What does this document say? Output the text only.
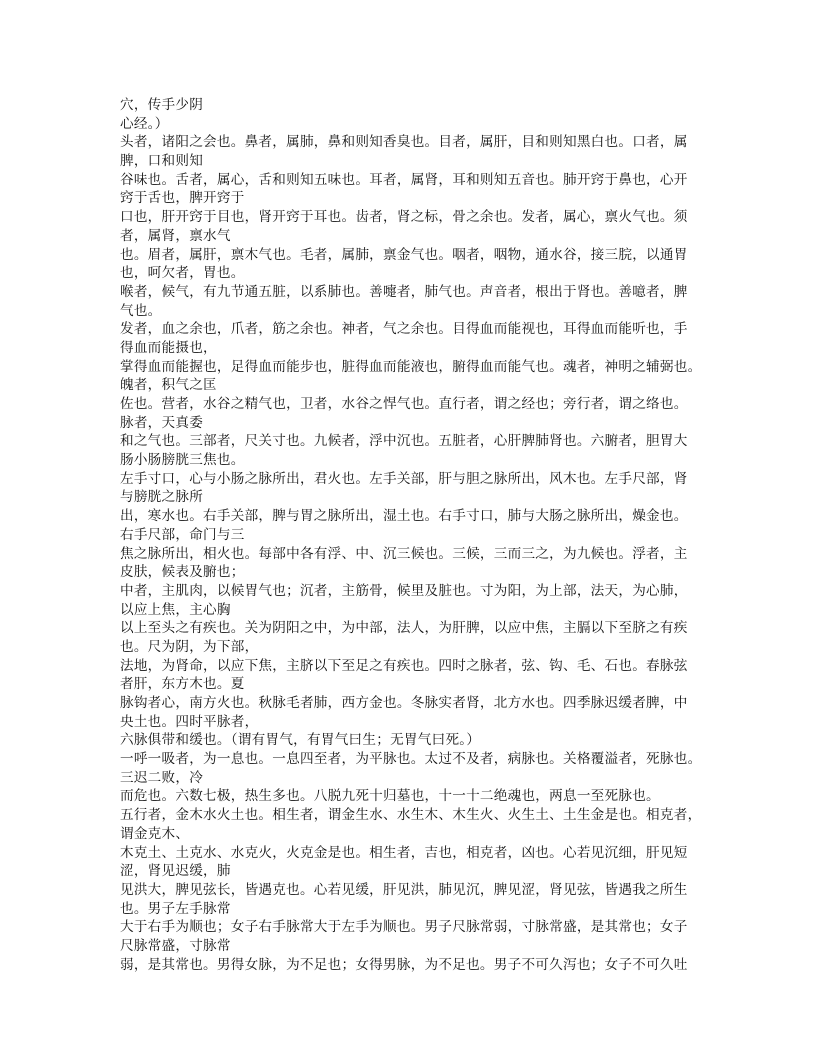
穴，传手少阴
心经。）
头者，诸阳之会也。鼻者，属肺，鼻和则知香臭也。目者，属肝，目和则知黑白也。口者，属
脾，口和则知
谷味也。舌者，属心，舌和则知五味也。耳者，属肾，耳和则知五音也。肺开窍于鼻也，心开
窍于舌也，脾开窍于
口也，肝开窍于目也，肾开窍于耳也。齿者，肾之标，骨之余也。发者，属心，禀火气也。须
者，属肾，禀水气
也。眉者，属肝，禀木气也。毛者，属肺，禀金气也。咽者，咽物，通水谷，接三脘，以通胃
也，呵欠者，胃也。
喉者，候气，有九节通五脏，以系肺也。善嚏者，肺气也。声音者，根出于肾也。善噫者，脾
气也。
发者，血之余也，爪者，筋之余也。神者，气之余也。目得血而能视也，耳得血而能听也，手
得血而能摄也，
掌得血而能握也，足得血而能步也，脏得血而能液也，腑得血而能气也。魂者，神明之辅弼也。
魄者，积气之匡
佐也。营者，水谷之精气也，卫者，水谷之悍气也。直行者，谓之经也；旁行者，谓之络也。
脉者，天真委
和之气也。三部者，尺关寸也。九候者，浮中沉也。五脏者，心肝脾肺肾也。六腑者，胆胃大
肠小肠膀胱三焦也。
左手寸口，心与小肠之脉所出，君火也。左手关部，肝与胆之脉所出，风木也。左手尺部，肾
与膀胱之脉所
出，寒水也。右手关部，脾与胃之脉所出，湿土也。右手寸口，肺与大肠之脉所出，燥金也。
右手尺部，命门与三
焦之脉所出，相火也。每部中各有浮、中、沉三候也。三候，三而三之，为九候也。浮者，主
皮肤，候表及腑也；
中者，主肌肉，以候胃气也；沉者，主筋骨，候里及脏也。寸为阳，为上部，法天，为心肺，
以应上焦，主心胸
以上至头之有疾也。关为阴阳之中，为中部，法人，为肝脾，以应中焦，主膈以下至脐之有疾
也。尺为阴，为下部，
法地，为肾命，以应下焦，主脐以下至足之有疾也。四时之脉者，弦、钩、毛、石也。春脉弦
者肝，东方木也。夏
脉钩者心，南方火也。秋脉毛者肺，西方金也。冬脉实者肾，北方水也。四季脉迟缓者脾，中
央土也。四时平脉者，
六脉俱带和缓也。（谓有胃气，有胃气曰生；无胃气曰死。）
一呼一吸者，为一息也。一息四至者，为平脉也。太过不及者，病脉也。关格覆溢者，死脉也。
三迟二败，冷
而危也。六数七极，热生多也。八脱九死十归墓也，十一十二绝魂也，两息一至死脉也。
五行者，金木水火土也。相生者，谓金生水、水生木、木生火、火生土、土生金是也。相克者，
谓金克木、
木克土、土克水、水克火，火克金是也。相生者，吉也，相克者，凶也。心若见沉细，肝见短
涩，肾见迟缓，肺
见洪大，脾见弦长，皆遇克也。心若见缓，肝见洪，肺见沉，脾见涩，肾见弦，皆遇我之所生
也。男子左手脉常
大于右手为顺也；女子右手脉常大于左手为顺也。男子尺脉常弱，寸脉常盛，是其常也；女子
尺脉常盛，寸脉常
弱，是其常也。男得女脉，为不足也；女得男脉，为不足也。男子不可久泻也；女子不可久吐
